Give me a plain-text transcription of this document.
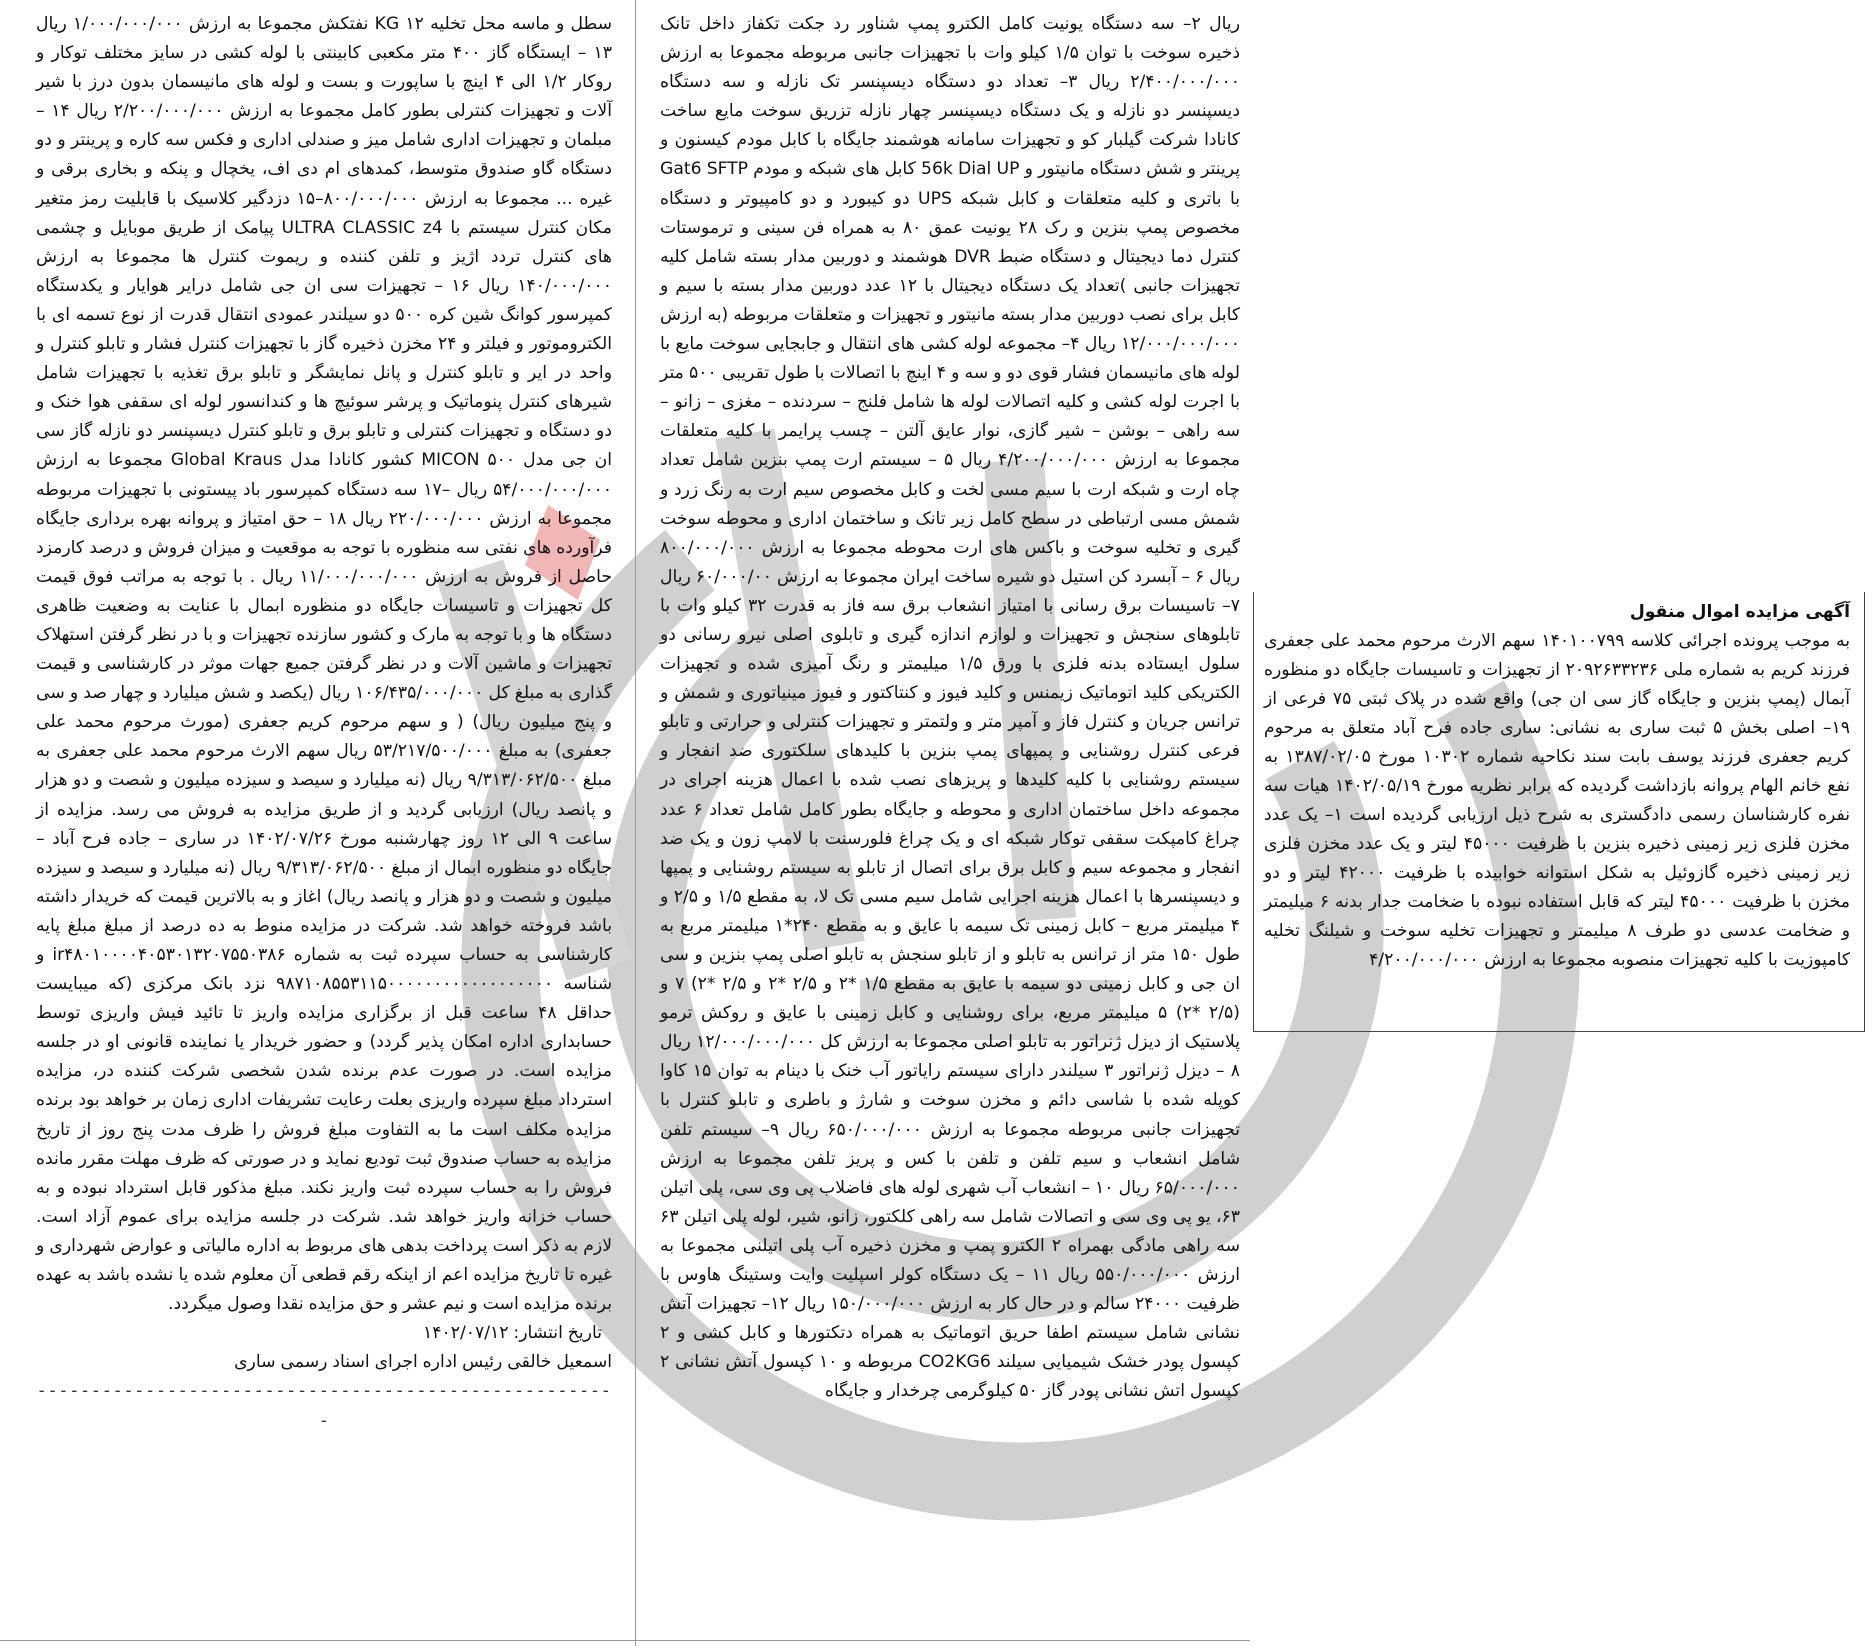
آگهی مزایده اموال منقول

به موجب پرونده اجرائی کلاسه ۱۴۰۱۰۰۷۹۹ سهم الارث مرحوم محمد علی جعفری فرزند کریم به شماره ملی ۲۰۹۲۶۳۳۲۳۶ از تجهیزات و تاسیسات جایگاه دو منظوره آبمال (پمپ بنزین و جایگاه گاز سی ان جی) واقع شده در پلاک ثبتی ۷۵ فرعی از ۱۹– اصلی بخش ۵ ثبت ساری به نشانی: ساری جاده فرح آباد متعلق به مرحوم کریم جعفری فرزند یوسف بابت سند نکاحیه شماره ۱۰۳۰۲ مورخ ۱۳۸۷/۰۲/۰۵ به نفع خانم الهام پروانه بازداشت گردیده که برابر نظریه مورخ ۱۴۰۲/۰۵/۱۹ هیات سه نفره کارشناسان رسمی دادگستری به شرح ذیل ارزیابی گردیده است ۱– یک عدد مخزن فلزی زیر زمینی ذخیره بنزین با ظرفیت ۴۵۰۰۰ لیتر و یک عدد مخزن فلزی زیر زمینی ذخیره گازوئیل به شکل استوانه خوابیده با ظرفیت ۴۲۰۰۰ لیتر و دو مخزن با ظرفیت ۴۵۰۰۰ لیتر که قابل استفاده نبوده با ضخامت جدار بدنه ۶ میلیمتر و ضخامت عدسی دو طرف ۸ میلیمتر و تجهیزات تخلیه سوخت و شیلنگ تخلیه کامپوزیت با کلیه تجهیزات منصوبه مجموعا به ارزش ۴/۲۰۰/۰۰۰/۰۰۰

ریال ۲– سه دستگاه یونیت کامل الکترو پمپ شناور رد جکت تکفاز داخل تانک ذخیره سوخت با توان ۱/۵ کیلو وات با تجهیزات جانبی مربوطه مجموعا به ارزش ۲/۴۰۰/۰۰۰/۰۰۰ ریال ۳– تعداد دو دستگاه دیسپنسر تک نازله و سه دستگاه دیسپنسر دو نازله و یک دستگاه دیسپنسر چهار نازله تزریق سوخت مایع ساخت کانادا شرکت گیلبار کو و تجهیزات سامانه هوشمند جایگاه با کابل مودم کیسنون و پرینتر و شش دستگاه مانیتور و 56k Dial UP کابل های شبکه و مودم Gat6 SFTP با باتری و کلیه متعلقات و کابل شبکه UPS دو کیبورد و دو کامپیوتر و دستگاه مخصوص پمپ بنزین و رک ۲۸ یونیت عمق ۸۰ به همراه فن سینی و ترموستات کنترل دما دیجیتال و دستگاه ضبط DVR هوشمند و دوربین مدار بسته شامل کلیه تجهیزات جانبی )تعداد یک دستگاه دیجیتال با ۱۲ عدد دوربین مدار بسته با سیم و کابل برای نصب دوربین مدار بسته مانیتور و تجهیزات و متعلقات مربوطه (به ارزش ۱۲/۰۰۰/۰۰۰/۰۰۰ ریال ۴– مجموعه لوله کشی های انتقال و جابجایی سوخت مایع با لوله های مانیسمان فشار قوی دو و سه و ۴ اینچ با اتصالات با طول تقریبی ۵۰۰ متر با اجرت لوله کشی و کلیه اتصالات لوله ها شامل فلنج – سردنده – مغزی – زانو – سه راهی – بوشن – شیر گازی، نوار عایق آلتن – چسب پرایمر با کلیه متعلقات مجموعا به ارزش ۴/۲۰۰/۰۰۰/۰۰۰ ریال ۵ – سیستم ارت پمپ بنزین شامل تعداد چاه ارت و شبکه ارت با سیم مسی لخت و کابل مخصوص سیم ارت به رنگ زرد و شمش مسی ارتباطی در سطح کامل زیر تانک و ساختمان اداری و محوطه سوخت گیری و تخلیه سوخت و باکس های ارت محوطه مجموعا به ارزش ۸۰۰/۰۰۰/۰۰۰ ریال ۶ – آبسرد کن استیل دو شیره ساخت ایران مجموعا به ارزش ۶۰/۰۰۰/۰۰ ریال ۷– تاسیسات برق رسانی با امتیاز انشعاب برق سه فاز به قدرت ۳۲ کیلو وات با تابلوهای سنجش و تجهیزات و لوازم اندازه گیری و تابلوی اصلی نیرو رسانی دو سلول ایستاده بدنه فلزی با ورق ۱/۵ میلیمتر و رنگ آمیزی شده و تجهیزات الکتریکی کلید اتوماتیک زیمنس و کلید فیوز و کنتاکتور و فیوز مینیاتوری و شمش و ترانس جریان و کنترل فاز و آمپر متر و ولتمتر و تجهیزات کنترلی و حرارتی و تابلو فرعی کنترل روشنایی و پمپهای پمپ بنزین با کلیدهای سلکتوری ضد انفجار و سیستم روشنایی با کلیه کلیدها و پریزهای نصب شده با اعمال هزینه اجرای در مجموعه داخل ساختمان اداری و محوطه و جایگاه بطور کامل شامل تعداد ۶ عدد چراغ کامپکت سقفی توکار شبکه ای و یک چراغ فلورسنت با لامپ زون و یک ضد انفجار و مجموعه سیم و کابل برق برای اتصال از تابلو به سیستم روشنایی و پمپها و دیسپنسرها با اعمال هزینه اجرایی شامل سیم مسی تک لا، به مقطع ۱/۵ و ۲/۵ و ۴ میلیمتر مربع – کابل زمینی تک سیمه با عایق و به مقطع ۲۴۰*۱ میلیمتر مربع به طول ۱۵۰ متر از ترانس به تابلو و از تابلو سنجش به تابلو اصلی پمپ بنزین و سی ان جی و کابل زمینی دو سیمه با عایق به مقطع ۱/۵ *۲ و ۲/۵ *۲ و ۲/۵ *۲) ۷ و (۲/۵ *۲) ۵ میلیمتر مربع، برای روشنایی و کابل زمینی با عایق و روکش ترمو پلاستیک از دیزل ژنراتور به تابلو اصلی مجموعا به ارزش کل ۱۲/۰۰۰/۰۰۰/۰۰۰ ریال ۸ – دیزل ژنراتور ۳ سیلندر دارای سیستم رایاتور آب خنک با دینام به توان ۱۵ کاوا کوپله شده با شاسی دائم و مخزن سوخت و شارژ و باطری و تابلو کنترل با تجهیزات جانبی مربوطه مجموعا به ارزش ۶۵۰/۰۰۰/۰۰۰ ریال ۹– سیستم تلفن شامل انشعاب و سیم تلفن و تلفن با کس و پریز تلفن مجموعا به ارزش ۶۵/۰۰۰/۰۰۰ ریال ۱۰ – انشعاب آب شهری لوله های فاضلاب پی وی سی، پلی اتیلن ۶۳، یو پی وی سی و اتصالات شامل سه راهی کلکتور، زانو، شیر، لوله پلی اتیلن ۶۳ سه راهی مادگی بهمراه ۲ الکترو پمپ و مخزن ذخیره آب پلی اتیلنی مجموعا به ارزش ۵۵۰/۰۰۰/۰۰۰ ریال ۱۱ – یک دستگاه کولر اسپلیت وایت وستینگ هاوس با ظرفیت ۲۴۰۰۰ سالم و در حال کار به ارزش ۱۵۰/۰۰۰/۰۰۰ ریال ۱۲– تجهیزات آتش نشانی شامل سیستم اطفا حریق اتوماتیک به همراه دتکتورها و کابل کشی و ۲ کپسول پودر خشک شیمیایی سیلند CO2KG6 مربوطه و ۱۰ کپسول آتش نشانی ۲ کپسول اتش نشانی پودر گاز ۵۰ کیلوگرمی چرخدار و جایگاه

سطل و ماسه محل تخلیه KG ۱۲ نفتکش مجموعا به ارزش ۱/۰۰۰/۰۰۰/۰۰۰ ریال ۱۳ – ایستگاه گاز ۴۰۰ متر مکعبی کابینتی با لوله کشی در سایز مختلف توکار و روکار ۱/۲ الی ۴ اینچ با ساپورت و بست و لوله های مانیسمان بدون درز با شیر آلات و تجهیزات کنترلی بطور کامل مجموعا به ارزش ۲/۲۰۰/۰۰۰/۰۰۰ ریال ۱۴ – مبلمان و تجهیزات اداری شامل میز و صندلی اداری و فکس سه کاره و پرینتر و دو دستگاه گاو صندوق متوسط، کمدهای ام دی اف، یخچال و پنکه و بخاری برقی و غیره ... مجموعا به ارزش ۸۰۰/۰۰۰/۰۰۰–۱۵ دزدگیر کلاسیک با قابلیت رمز متغیر مکان کنترل سیستم با ULTRA CLASSIC z4 پیامک از طریق موبایل و چشمی های کنترل تردد اژیز و تلفن کننده و ریموت کنترل ها مجموعا به ارزش ۱۴۰/۰۰۰/۰۰۰ ریال ۱۶ – تجهیزات سی ان جی شامل درایر هوایار و یکدستگاه کمپرسور کوانگ شین کره ۵۰۰ دو سیلندر عمودی انتقال قدرت از نوع تسمه ای با الکتروموتور و فیلتر و ۲۴ مخزن ذخیره گاز با تجهیزات کنترل فشار و تابلو کنترل و واحد در ایر و تابلو کنترل و پانل نمایشگر و تابلو برق تغذیه با تجهیزات شامل شیرهای کنترل پنوماتیک و پرشر سوئیچ ها و کندانسور لوله ای سقفی هوا خنک و دو دستگاه و تجهیزات کنترلی و تابلو برق و تابلو کنترل دیسپنسر دو نازله گاز سی ان جی مدل ۵۰۰ MICON کشور کانادا مدل Global Kraus مجموعا به ارزش ۵۴/۰۰۰/۰۰۰/۰۰۰ ریال –۱۷ سه دستگاه کمپرسور باد پیستونی با تجهیزات مربوطه مجموعا به ارزش ۲۲۰/۰۰۰/۰۰۰ ریال ۱۸ – حق امتیاز و پروانه بهره برداری جایگاه فرآورده های نفتی سه منظوره با توجه به موقعیت و میزان فروش و درصد کارمزد حاصل از فروش به ارزش ۱۱/۰۰۰/۰۰۰/۰۰۰ ریال . با توجه به مراتب فوق قیمت کل تجهیزات و تاسیسات جایگاه دو منظوره ابمال با عنایت به وضعیت ظاهری دستگاه ها و با توجه به مارک و کشور سازنده تجهیزات و با در نظر گرفتن استهلاک تجهیزات و ماشین آلات و در نظر گرفتن جمیع جهات موثر در کارشناسی و قیمت گذاری به مبلغ کل ۱۰۶/۴۳۵/۰۰۰/۰۰۰ ریال (یکصد و شش میلیارد و چهار صد و سی و پنج میلیون ریال) ( و سهم مرحوم کریم جعفری (مورث مرحوم محمد علی جعفری) به مبلغ ۵۳/۲۱۷/۵۰۰/۰۰۰ ریال سهم الارث مرحوم محمد علی جعفری به مبلغ ۹/۳۱۳/۰۶۲/۵۰۰ ریال (نه میلیارد و سیصد و سیزده میلیون و شصت و دو هزار و پانصد ریال) ارزیابی گردید و از طریق مزایده به فروش می رسد. مزایده از ساعت ۹ الی ۱۲ روز چهارشنبه مورخ ۱۴۰۲/۰۷/۲۶ در ساری – جاده فرح آباد – جایگاه دو منظوره ابمال از مبلغ ۹/۳۱۳/۰۶۲/۵۰۰ ریال (نه میلیارد و سیصد و سیزده میلیون و شصت و دو هزار و پانصد ریال) اغاز و به بالاترین قیمت که خریدار داشته باشد فروخته خواهد شد. شرکت در مزایده منوط به ده درصد از مبلغ مبلغ پایه کارشناسی به حساب سپرده ثبت به شماره ir۴۸۰۱۰۰۰۰۴۰۵۳۰۱۳۲۰۷۵۵۰۳۸۶ و شناسه ۹۸۷۱۰۸۵۵۳۱۱۵۰۰۰۰۰۰۰۰۰۰۰۰۰۰۰۰۰۰ نزد بانک مرکزی (که میبایست حداقل ۴۸ ساعت قبل از برگزاری مزایده واریز تا تائید فیش واریزی توسط حسابداری اداره امکان پذیر گردد) و حضور خریدار یا نماینده قانونی او در جلسه مزایده است. در صورت عدم برنده شدن شخصی شرکت کننده در، مزایده استرداد مبلغ سپرده واریزی بعلت رعایت تشریفات اداری زمان بر خواهد بود برنده مزایده مکلف است ما به التفاوت مبلغ فروش را ظرف مدت پنج روز از تاریخ مزایده به حساب صندوق ثبت تودیع نماید و در صورتی که ظرف مهلت مقرر مانده فروش را به حساب سپرده ثبت واریز نکند. مبلغ مذکور قابل استرداد نبوده و به حساب خزانه واریز خواهد شد. شرکت در جلسه مزایده برای عموم آزاد است. لازم به ذکر است پرداخت بدهی های مربوط به اداره مالیاتی و عوارض شهرداری و غیره تا تاریخ مزایده اعم از اینکه رقم قطعی آن معلوم شده یا نشده باشد به عهده برنده مزایده است و نیم عشر و حق مزایده نقدا وصول میگردد.

تاریخ انتشار: ۱۴۰۲/۰۷/۱۲

اسمعیل خالقی رئیس اداره اجرای اسناد رسمی ساری

------------------------------------------------------
